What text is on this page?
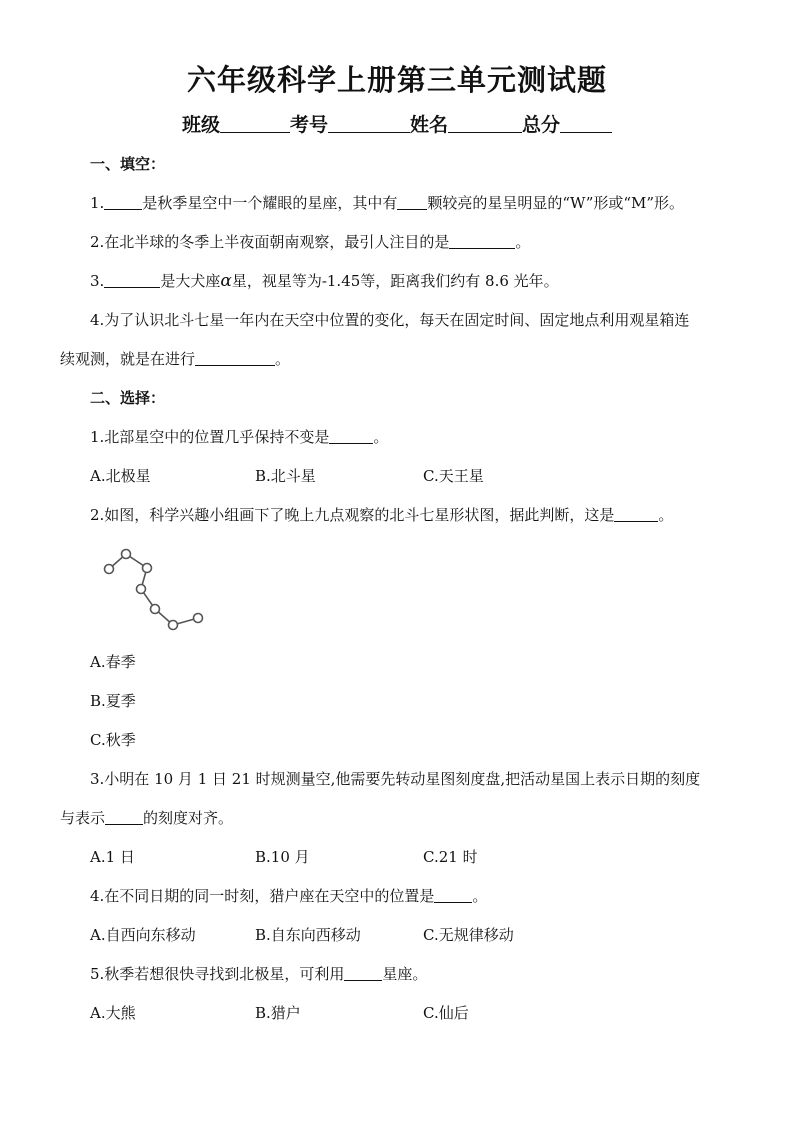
六年级科学上册第三单元测试题
班级	考号	姓名	总分
一、填空：
1.	是秋季星空中一个耀眼的星座，其中有 颗较亮的星呈明显的“W”形或“M”形。
2.在北半球的冬季上半夜面朝南观察，最引人注目的是	。
3.	是大犬座α星，视星等为-1.45等，距离我们约有 8.6 光年。
4.为了认识北斗七星一年内在天空中位置的变化，每天在固定时间、固定地点利用观星箱连
续观测，就是在进行	。
二、选择：
1.北部星空中的位置几乎保持不变是	。
A.北极星	B.北斗星	C.天王星
2.如图，科学兴趣小组画下了晚上九点观察的北斗七星形状图，据此判断，这是	。
A.春季
B.夏季
C.秋季
3.小明在 10 月 1 日 21 时规测量空,他需要先转动星图刻度盘,把活动星国上表示日期的刻度
与表示	的刻度对齐。
A.1 日	B.10 月	C.21 时
4.在不同日期的同一时刻，猎户座在天空中的位置是	。
A.自西向东移动	B.自东向西移动	C.无规律移动
5.秋季若想很快寻找到北极星，可利用	星座。
A.大熊	B.猎户	C.仙后
